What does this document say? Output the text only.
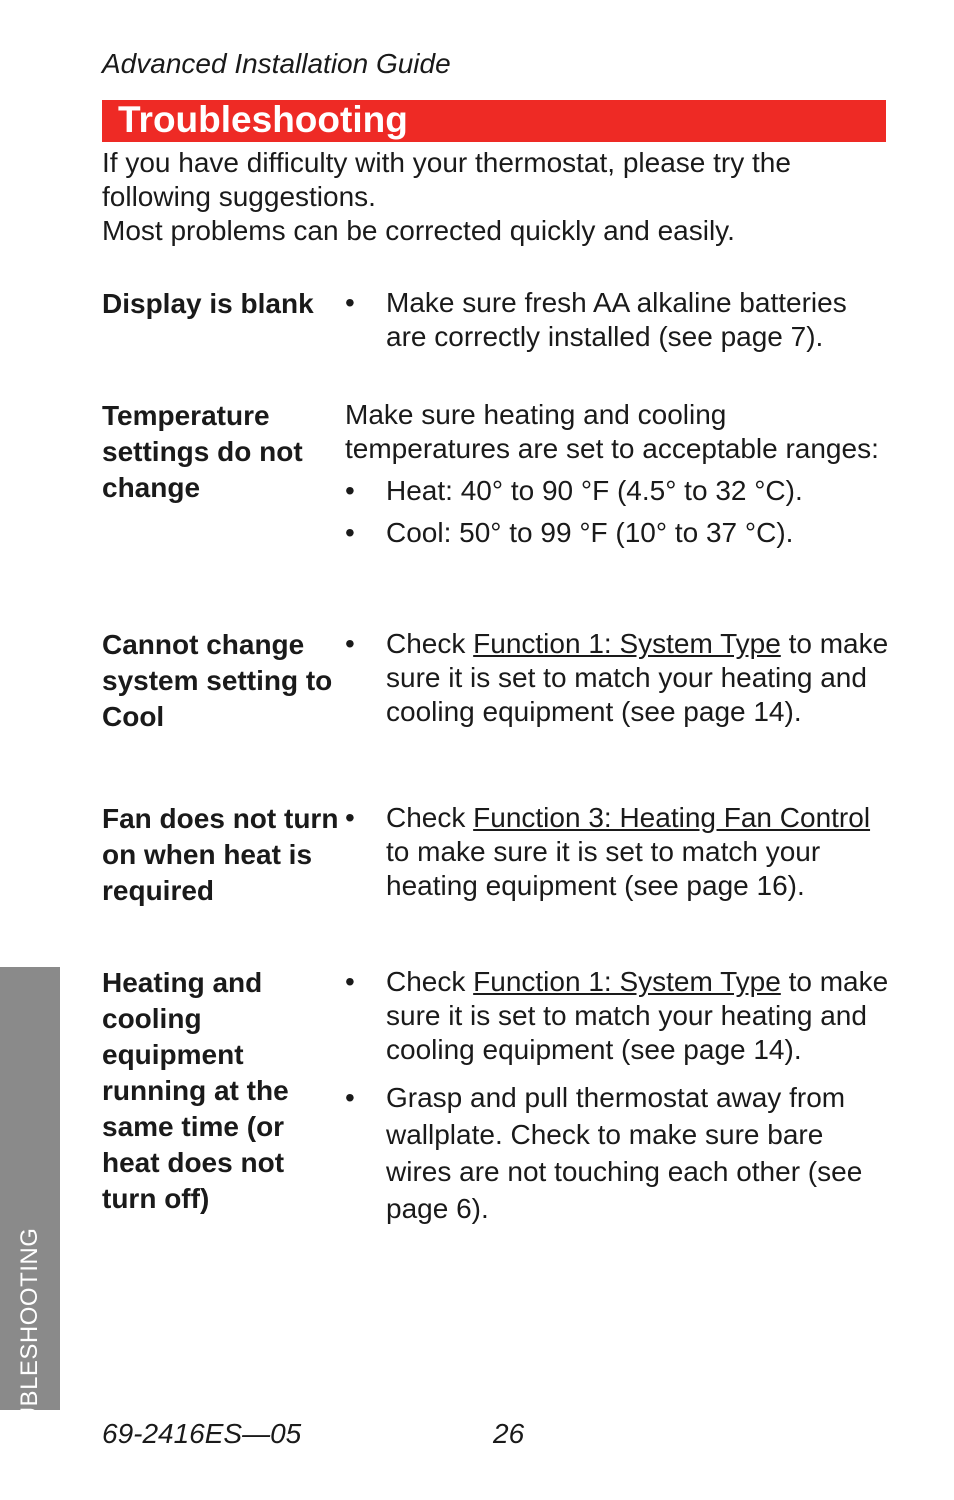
Advanced Installation Guide
Troubleshooting

If you have difficulty with your thermostat, please try the following suggestions.

Most problems can be corrected quickly and easily.

Display is blank	• Make sure fresh AA alkaline batteries are correctly installed (see page 7).
Temperature settings do not change

Make sure heating and cooling temperatures are set to acceptable ranges:

• Heat: 40° to 90 °F (4.5° to 32 °C).
• Cool: 50° to 99 °F (10° to 37 °C).
Cannot change system setting to Cool
• Check Function 1: System Type to make sure it is set to match your heating and cooling equipment (see page 14).
Fan does not turn on when heat is required
• Check Function 3: Heating Fan Control to make sure it is set to match your heating equipment (see page 16).
Heating and cooling equipment running at the same time (or heat does not turn off)
• Check Function 1: System Type to make sure it is set to match your heating and cooling equipment (see page 14).
• Grasp and pull thermostat away from wallplate. Check to make sure bare wires are not touching each other (see page 6).
TROUBLESHOOTING 69-2416ES—05	26
